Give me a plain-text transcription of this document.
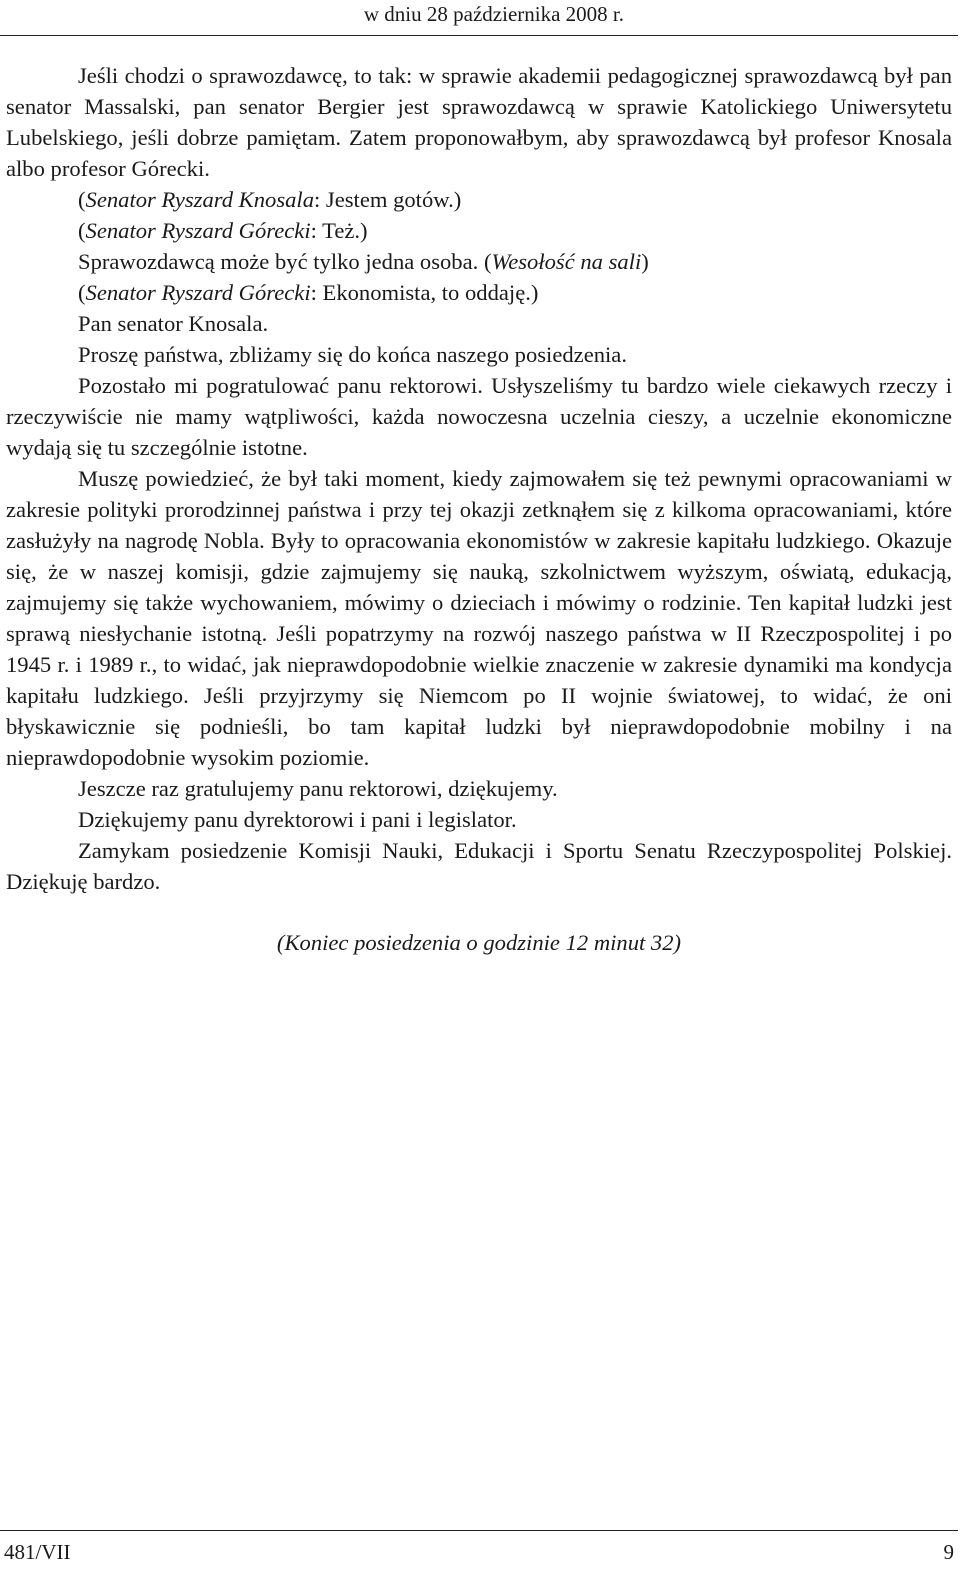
w dniu 28 października 2008 r.

Jeśli chodzi o sprawozdawcę, to tak: w sprawie akademii pedagogicznej sprawozdawcą był pan senator Massalski, pan senator Bergier jest sprawozdawcą w sprawie Katolickiego Uniwersytetu Lubelskiego, jeśli dobrze pamiętam. Zatem proponowałbym, aby sprawozdawcą był profesor Knosala albo profesor Górecki.

(Senator Ryszard Knosala: Jestem gotów.)

(Senator Ryszard Górecki: Też.)

Sprawozdawcą może być tylko jedna osoba. (Wesołość na sali)

(Senator Ryszard Górecki: Ekonomista, to oddaję.)

Pan senator Knosala.

Proszę państwa, zbliżamy się do końca naszego posiedzenia.

Pozostało mi pogratulować panu rektorowi. Usłyszeliśmy tu bardzo wiele ciekawych rzeczy i rzeczywiście nie mamy wątpliwości, każda nowoczesna uczelnia cieszy, a uczelnie ekonomiczne wydają się tu szczególnie istotne.

Muszę powiedzieć, że był taki moment, kiedy zajmowałem się też pewnymi opracowaniami w zakresie polityki prorodzinnej państwa i przy tej okazji zetknąłem się z kilkoma opracowaniami, które zasłużyły na nagrodę Nobla. Były to opracowania ekonomistów w zakresie kapitału ludzkiego. Okazuje się, że w naszej komisji, gdzie zajmujemy się nauką, szkolnictwem wyższym, oświatą, edukacją, zajmujemy się także wychowaniem, mówimy o dzieciach i mówimy o rodzinie. Ten kapitał ludzki jest sprawą niesłychanie istotną. Jeśli popatrzymy na rozwój naszego państwa w II Rzeczpospolitej i po 1945 r. i 1989 r., to widać, jak nieprawdopodobnie wielkie znaczenie w zakresie dynamiki ma kondycja kapitału ludzkiego. Jeśli przyjrzymy się Niemcom po II wojnie światowej, to widać, że oni błyskawicznie się podnieśli, bo tam kapitał ludzki był nieprawdopodobnie mobilny i na nieprawdopodobnie wysokim poziomie.

Jeszcze raz gratulujemy panu rektorowi, dziękujemy.

Dziękujemy panu dyrektorowi i pani i legislator.

Zamykam posiedzenie Komisji Nauki, Edukacji i Sportu Senatu Rzeczypospolitej Polskiej. Dziękuję bardzo.

(Koniec posiedzenia o godzinie 12 minut 32)

481/VII	9
